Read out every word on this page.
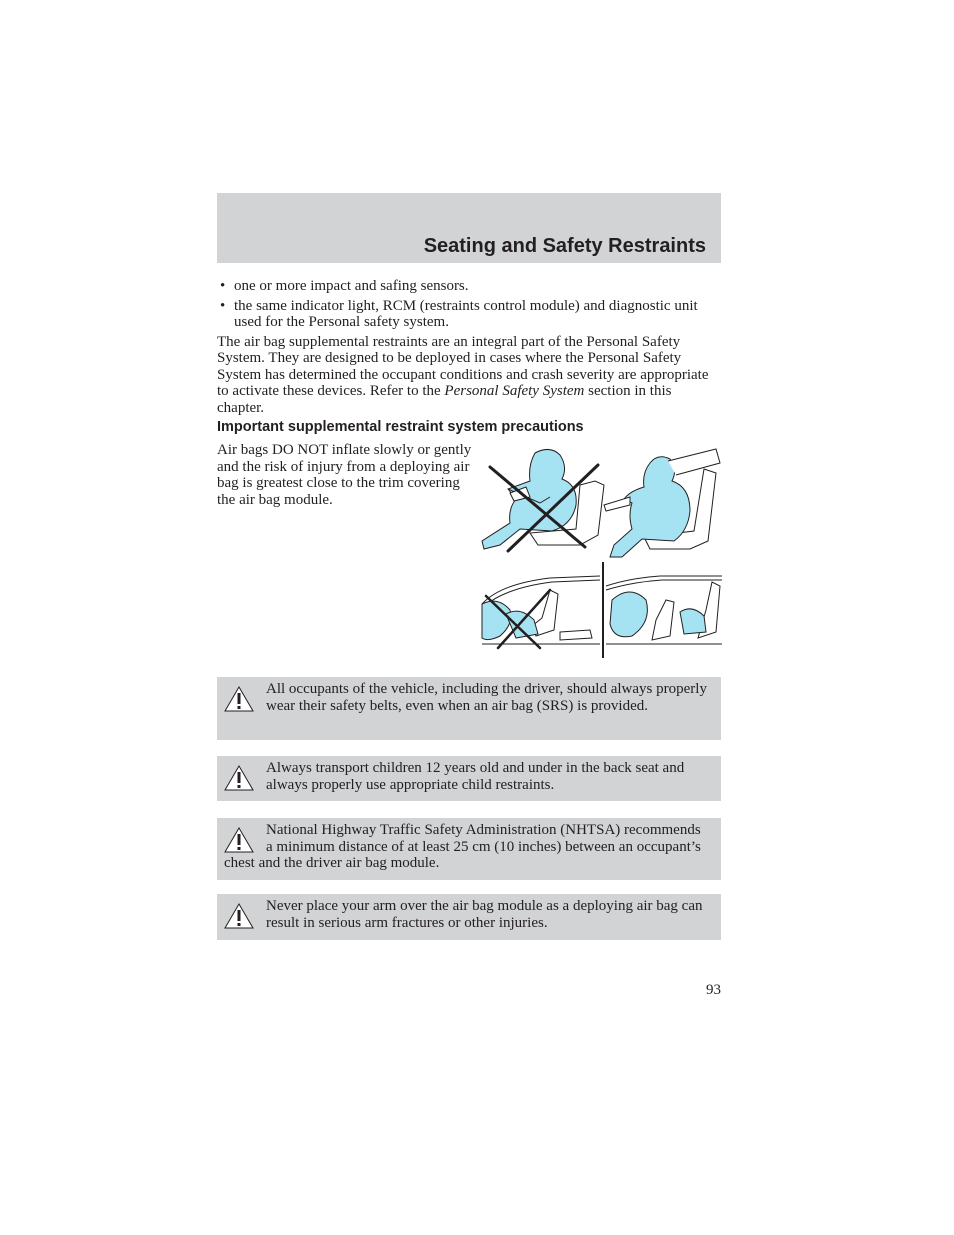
Seating and Safety Restraints
• one or more impact and safing sensors.
• the same indicator light, RCM (restraints control module) and diagnostic unit used for the Personal safety system.

The air bag supplemental restraints are an integral part of the Personal Safety System. They are designed to be deployed in cases where the Personal Safety System has determined the occupant conditions and crash severity are appropriate to activate these devices. Refer to the Personal Safety System section in this chapter.

Important supplemental restraint system precautions

Air bags DO NOT inflate slowly or gently and the risk of injury from a deploying air bag is greatest close to the trim covering the air bag module.

All occupants of the vehicle, including the driver, should always properly wear their safety belts, even when an air bag (SRS) is provided.
Always transport children 12 years old and under in the back seat and always properly use appropriate child restraints.
National Highway Traffic Safety Administration (NHTSA) recommends a minimum distance of at least 25 cm (10 inches) between an occupant’s chest and the driver air bag module.
Never place your arm over the air bag module as a deploying air bag can result in serious arm fractures or other injuries.
93
